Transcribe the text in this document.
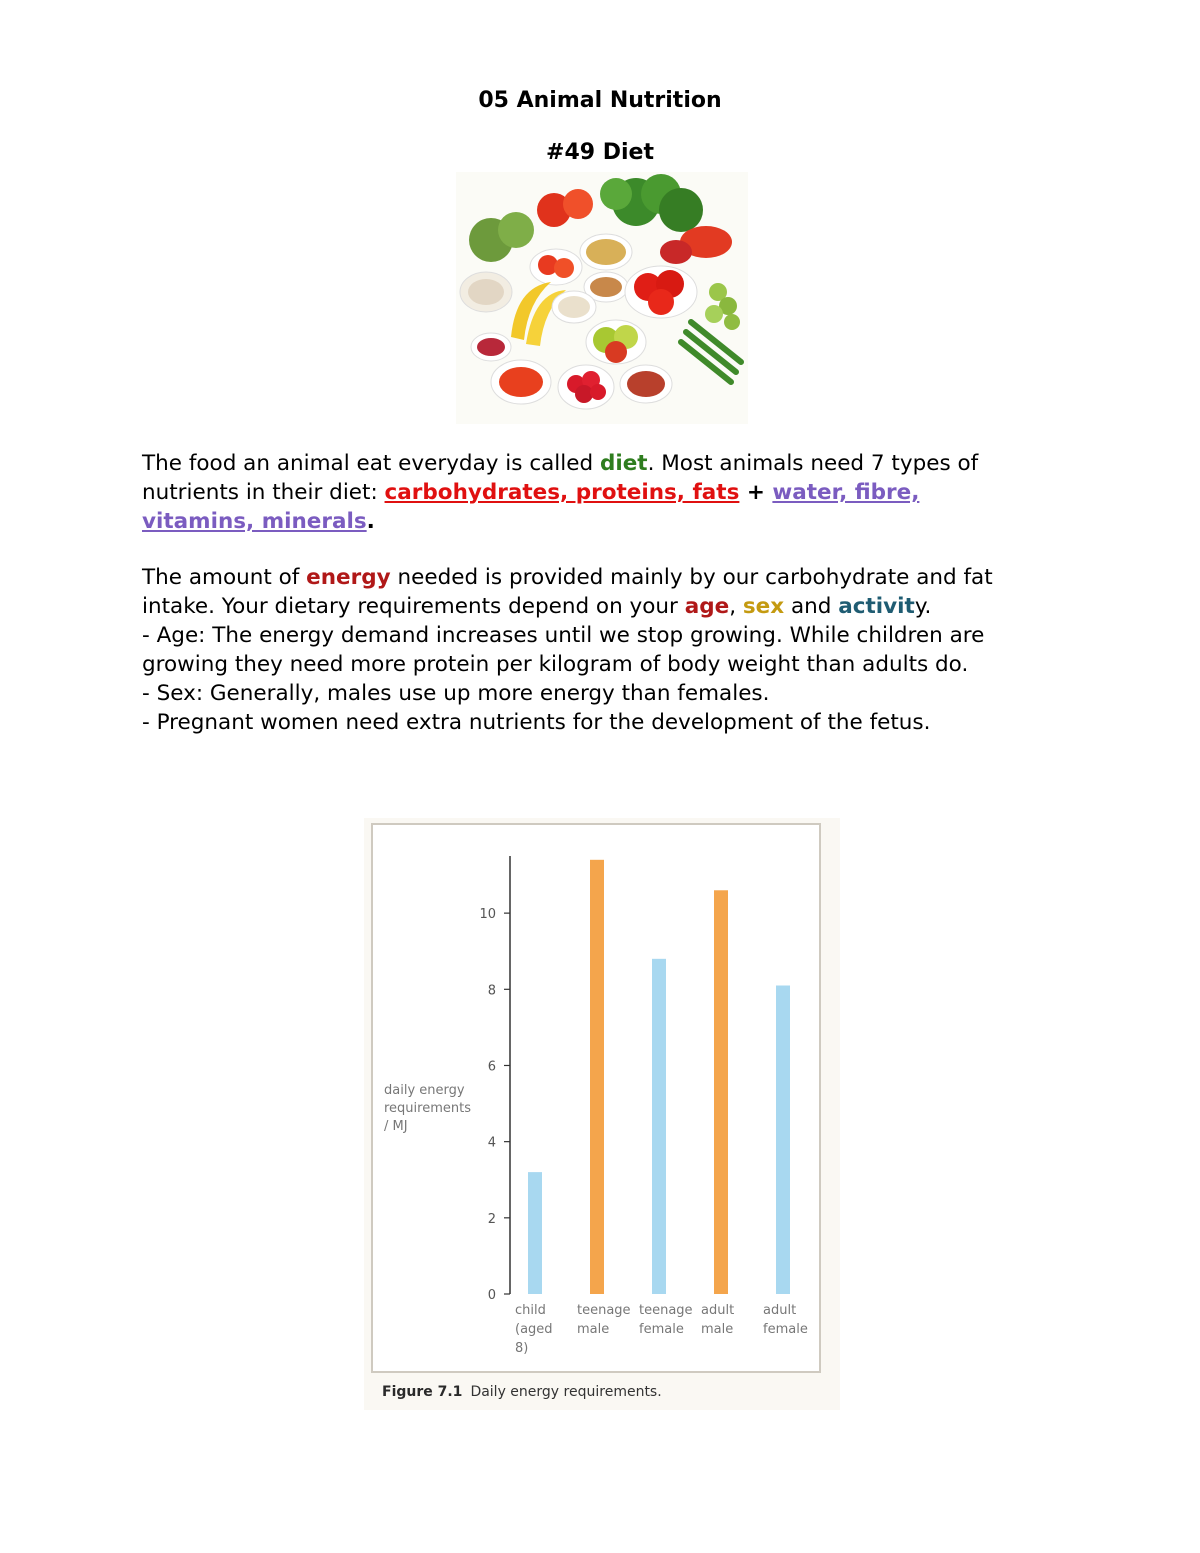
05 Animal Nutrition
#49 Diet
The food an animal eat everyday is called diet. Most animals need 7 types of nutrients in their diet: carbohydrates, proteins, fats + water, fibre,
vitamins, minerals.
The amount of energy needed is provided mainly by our carbohydrate and fat intake. Your dietary requirements depend on your age, sex and activity.
- Age: The energy demand increases until we stop growing. While children are growing they need more protein per kilogram of body weight than adults do.
- Sex: Generally, males use up more energy than females.
- Pregnant women need extra nutrients for the development of the fetus.
0
2
4
6
8
10
daily energy
requirements
/ MJ
child
(aged
8)
teenage
male
teenage
female
adult
male
adult
female
Figure 7.1 Daily energy requirements.
